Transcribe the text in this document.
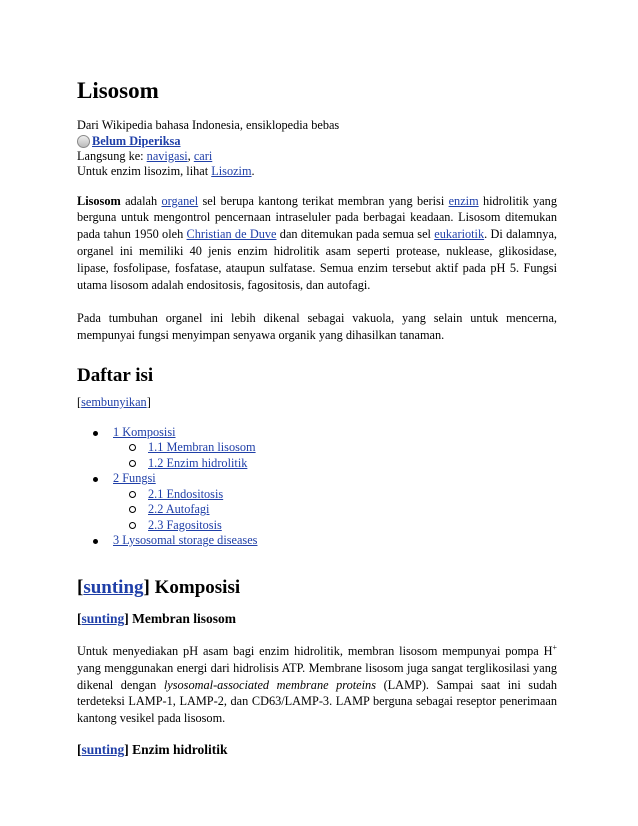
Lisosom

Dari Wikipedia bahasa Indonesia, ensiklopedia bebas

Belum Diperiksa

Langsung ke: navigasi, cari

Untuk enzim lisozim, lihat Lisozim.

Lisosom adalah organel sel berupa kantong terikat membran yang berisi enzim hidrolitik yang berguna untuk mengontrol pencernaan intraseluler pada berbagai keadaan. Lisosom ditemukan pada tahun 1950 oleh Christian de Duve dan ditemukan pada semua sel eukariotik. Di dalamnya, organel ini memiliki 40 jenis enzim hidrolitik asam seperti protease, nuklease, glikosidase, lipase, fosfolipase, fosfatase, ataupun sulfatase. Semua enzim tersebut aktif pada pH 5. Fungsi utama lisosom adalah endositosis, fagositosis, dan autofagi.

Pada tumbuhan organel ini lebih dikenal sebagai vakuola, yang selain untuk mencerna, mempunyai fungsi menyimpan senyawa organik yang dihasilkan tanaman.

Daftar isi
[sembunyikan]
1 Komposisi
1.1 Membran lisosom
1.2 Enzim hidrolitik
2 Fungsi
2.1 Endositosis
2.2 Autofagi
2.3 Fagositosis
3 Lysosomal storage diseases
[sunting] Komposisi
[sunting] Membran lisosom

Untuk menyediakan pH asam bagi enzim hidrolitik, membran lisosom mempunyai pompa H+ yang menggunakan energi dari hidrolisis ATP. Membrane lisosom juga sangat terglikosilasi yang dikenal dengan lysosomal-associated membrane proteins (LAMP). Sampai saat ini sudah terdeteksi LAMP-1, LAMP-2, dan CD63/LAMP-3. LAMP berguna sebagai reseptor penerimaan kantong vesikel pada lisosom.

[sunting] Enzim hidrolitik
